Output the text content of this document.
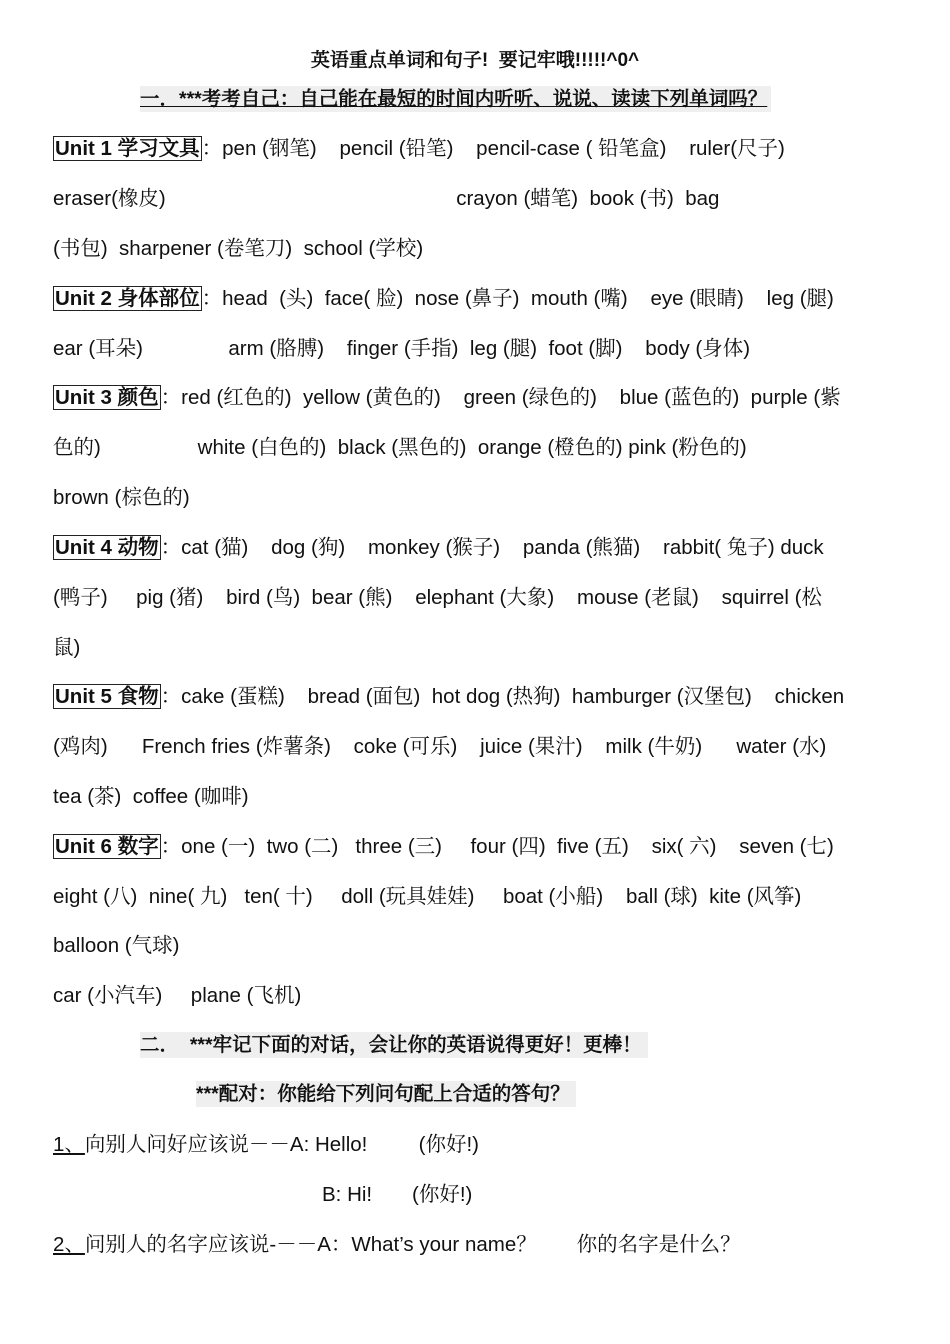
英语重点单词和句子!  要记牢哦!!!!!^0^
一．***考考自己：自己能在最短的时间内听听、说说、读读下列单词吗？
Unit 1 学习文具：pen (钢笔)    pencil (铅笔)    pencil-case ( 铅笔盒)    ruler(尺子)
eraser(橡皮)                                                   crayon (蜡笔)  book (书)  bag
(书包)  sharpener (卷笔刀)  school (学校)
Unit 2 身体部位：head  (头)  face( 脸)  nose (鼻子)  mouth (嘴)    eye (眼睛)    leg (腿)
ear (耳朵)               arm (胳膊)    finger (手指)  leg (腿)  foot (脚)    body (身体)
Unit 3 颜色：red (红色的)  yellow (黄色的)    green (绿色的)    blue (蓝色的)  purple (紫
色的)                 white (白色的)  black (黑色的)  orange (橙色的) pink (粉色的)
brown (棕色的)
Unit 4 动物：cat (猫)    dog (狗)    monkey (猴子)    panda (熊猫)    rabbit( 兔子) duck
(鸭子)     pig (猪)    bird (鸟)  bear (熊)    elephant (大象)    mouse (老鼠)    squirrel (松
鼠)
Unit 5 食物：cake (蛋糕)    bread (面包)  hot dog (热狗)  hamburger (汉堡包)    chicken
(鸡肉)      French fries (炸薯条)    coke (可乐)    juice (果汁)    milk (牛奶)      water (水)
tea (茶)  coffee (咖啡)
Unit 6 数字：one (一)  two (二)   three (三)     four (四)  five (五)    six( 六)    seven (七)
eight (八)  nine( 九)   ten( 十)     doll (玩具娃娃)     boat (小船)    ball (球)  kite (风筝)
balloon (气球)
car (小汽车)     plane (飞机)
二．  ***牢记下面的对话，会让你的英语说得更好！更棒！
***配对：你能给下列问句配上合适的答句？
1、向别人问好应该说－－A: Hello!         (你好!)
B: Hi!       (你好!)
2、问别人的名字应该说-－－A：What’s your name？       你的名字是什么？
